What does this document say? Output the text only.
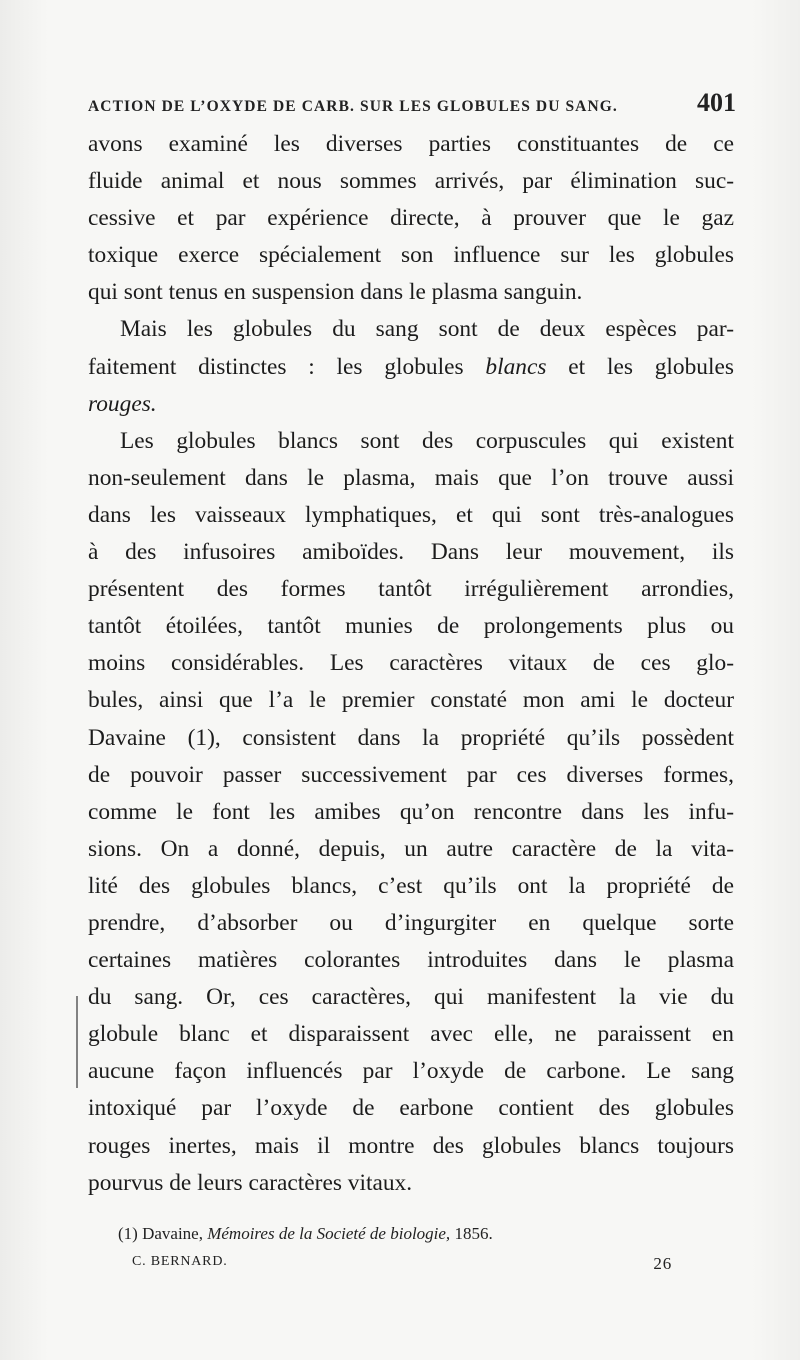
ACTION DE L’OXYDE DE CARB. SUR LES GLOBULES DU SANG.	401
avons examiné les diverses parties constituantes de ce
fluide animal et nous sommes arrivés, par élimination suc-
cessive et par expérience directe, à prouver que le gaz
toxique exerce spécialement son influence sur les globules
qui sont tenus en suspension dans le plasma sanguin.
Mais les globules du sang sont de deux espèces par-
faitement distinctes : les globules blancs et les globules
rouges.
Les globules blancs sont des corpuscules qui existent
non-seulement dans le plasma, mais que l’on trouve aussi
dans les vaisseaux lymphatiques, et qui sont très-analogues
à des infusoires amiboïdes. Dans leur mouvement, ils
présentent des formes tantôt irrégulièrement arrondies,
tantôt étoilées, tantôt munies de prolongements plus ou
moins considérables. Les caractères vitaux de ces glo-
bules, ainsi que l’a le premier constaté mon ami le docteur
Davaine (1), consistent dans la propriété qu’ils possèdent
de pouvoir passer successivement par ces diverses formes,
comme le font les amibes qu’on rencontre dans les infu-
sions. On a donné, depuis, un autre caractère de la vita-
lité des globules blancs, c’est qu’ils ont la propriété de
prendre, d’absorber ou d’ingurgiter en quelque sorte
certaines matières colorantes introduites dans le plasma
du sang. Or, ces caractères, qui manifestent la vie du
globule blanc et disparaissent avec elle, ne paraissent en
aucune façon influencés par l’oxyde de carbone. Le sang
intoxiqué par l’oxyde de earbone contient des globules
rouges inertes, mais il montre des globules blancs toujours
pourvus de leurs caractères vitaux.
(1) Davaine, Mémoires de la Societé de biologie, 1856.
C. BERNARD.	26
